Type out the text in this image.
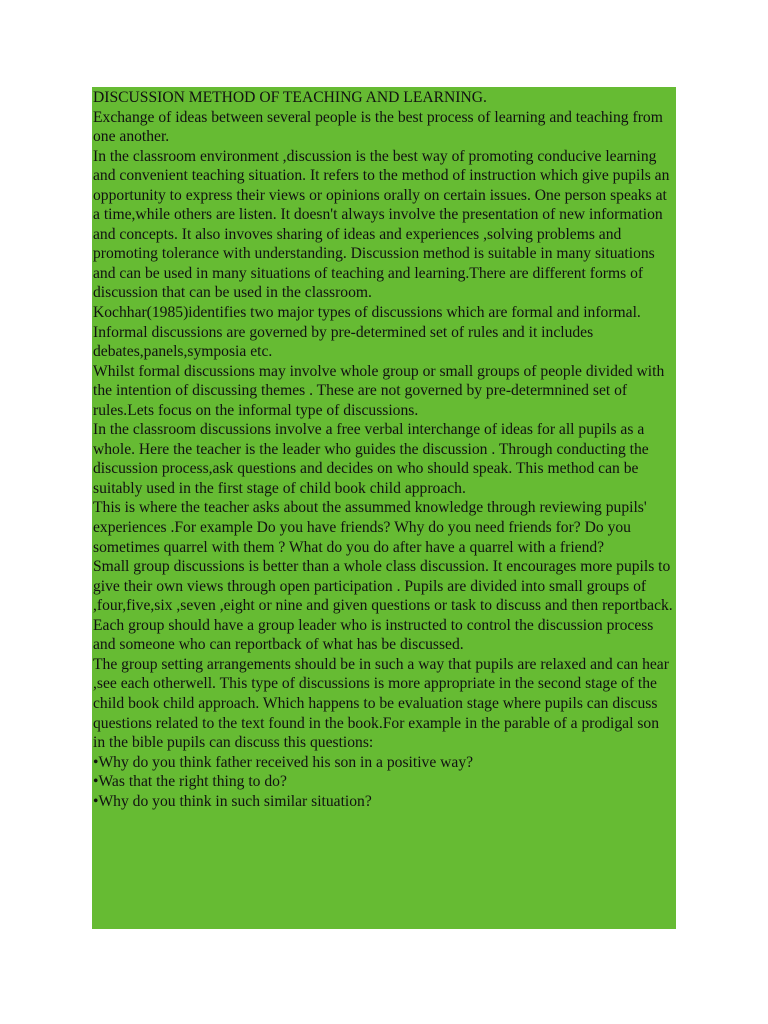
DISCUSSION METHOD OF TEACHING AND LEARNING.

Exchange of ideas between several people is the best process of learning and teaching from one another.

In the classroom environment ,discussion is the best way of promoting conducive learning and convenient teaching situation. It refers to the method of instruction which give pupils an opportunity to express their views or opinions orally on certain issues. One person speaks at a time,while others are listen. It doesn't always involve the presentation of new information and concepts. It also invoves sharing of ideas and experiences ,solving problems and promoting tolerance with understanding. Discussion method is suitable in many situations and can be used in many situations of teaching and learning.There are different forms of discussion that can be used in the classroom.

Kochhar(1985)identifies two major types of discussions which are formal and informal.

Informal discussions are governed by pre-determined set of rules and it includes debates,panels,symposia etc.

Whilst formal discussions may involve whole group or small groups of people divided with the intention of discussing themes . These are not governed by pre-determnined set of rules.Lets focus on the informal type of discussions.

In the classroom discussions involve a free verbal interchange of ideas for all pupils as a whole. Here the teacher is the leader who guides the discussion . Through conducting the discussion process,ask questions and decides on who should speak. This method can be suitably used in the first stage of child book child approach.

This is where the teacher asks about the assummed knowledge through reviewing pupils' experiences .For example Do you have friends? Why do you need friends for? Do you sometimes quarrel with them ? What do you do after have a quarrel with a friend?

Small group discussions is better than a whole class discussion. It encourages more pupils to give their own views through open participation . Pupils are divided into small groups of ,four,five,six ,seven ,eight or nine and given questions or task to discuss and then reportback. Each group should have a group leader who is instructed to control the discussion process and someone who can reportback of what has be discussed.

The group setting arrangements should be in such a way that pupils are relaxed and can hear ,see each otherwell. This type of discussions is more appropriate in the second stage of the child book child approach. Which happens to be evaluation stage where pupils can discuss questions related to the text found in the book.For example in the parable of a prodigal son in the bible pupils can discuss this questions:

•Why do you think father received his son in a positive way?

•Was that the right thing to do?

•Why do you think in such similar situation?
